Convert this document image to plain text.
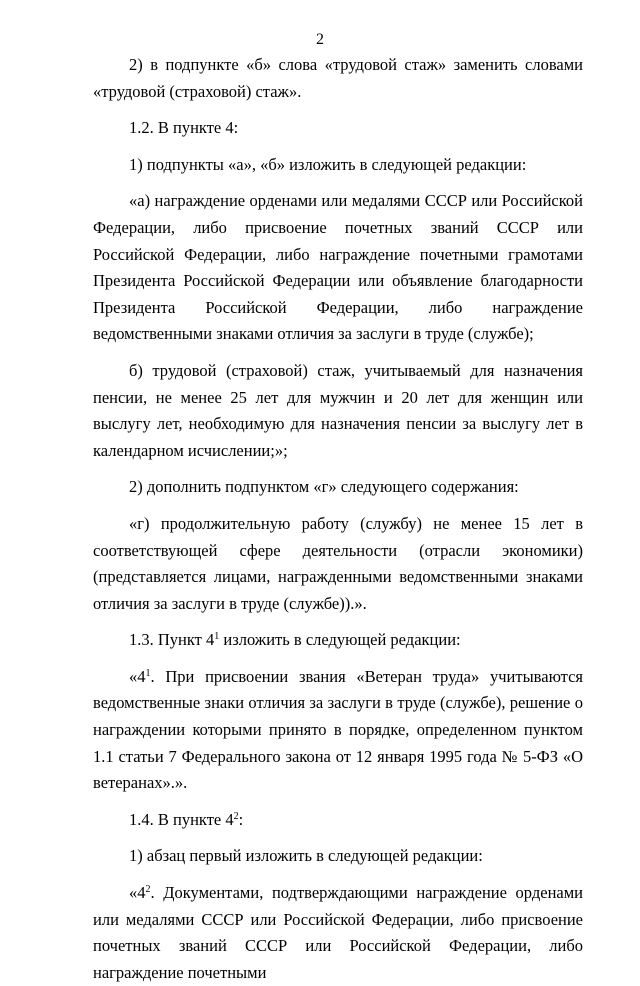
2

2) в подпункте «б» слова «трудовой стаж» заменить словами «трудовой (страховой) стаж».

1.2. В пункте 4:

1) подпункты «а», «б» изложить в следующей редакции:

«а) награждение орденами или медалями СССР или Российской Федерации, либо присвоение почетных званий СССР или Российской Федерации, либо награждение почетными грамотами Президента Российской Федерации или объявление благодарности Президента Российской Федерации, либо награждение ведомственными знаками отличия за заслуги в труде (службе);

б) трудовой (страховой) стаж, учитываемый для назначения пенсии, не менее 25 лет для мужчин и 20 лет для женщин или выслугу лет, необходимую для назначения пенсии за выслугу лет в календарном исчислении;»;

2) дополнить подпунктом «г» следующего содержания:

«г) продолжительную работу (службу) не менее 15 лет в соответствующей сфере деятельности (отрасли экономики) (представляется лицами, награжденными ведомственными знаками отличия за заслуги в труде (службе)).».

1.3. Пункт $4^1$ изложить в следующей редакции:

«$4^1$. При присвоении звания «Ветеран труда» учитываются ведомственные знаки отличия за заслуги в труде (службе), решение о награждении которыми принято в порядке, определенном пунктом 1.1 статьи 7 Федерального закона от 12 января 1995 года № 5-ФЗ «О ветеранах».».

1.4. В пункте $4^2$:

1) абзац первый изложить в следующей редакции:

«$4^2$. Документами, подтверждающими награждение орденами или медалями СССР или Российской Федерации, либо присвоение почетных званий СССР или Российской Федерации, либо награждение почетными
